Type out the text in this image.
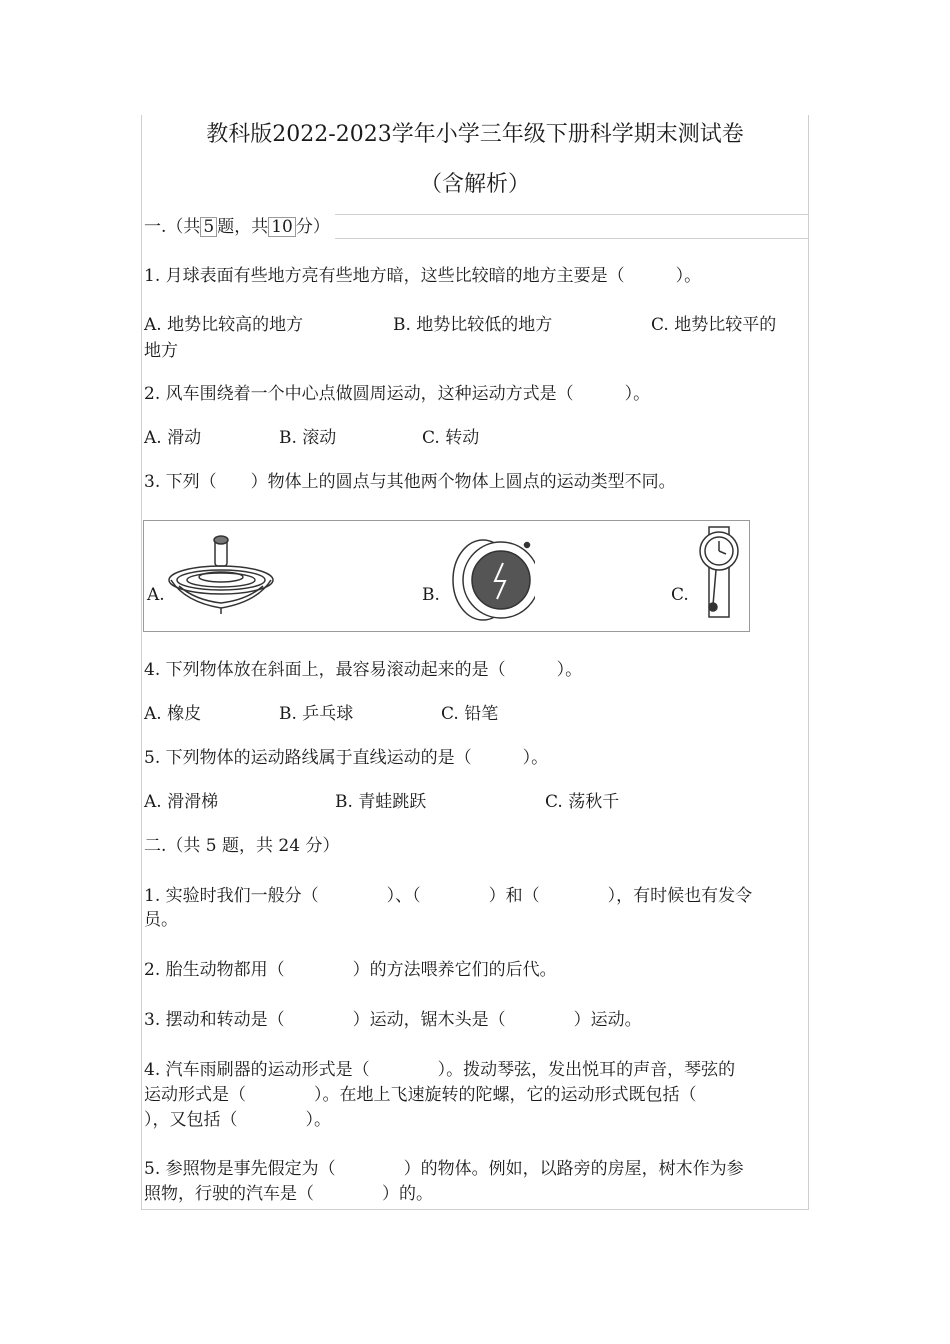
教科版2022-2023学年小学三年级下册科学期末测试卷
（含解析）
一.（共 5 题，共 10 分）
1. 月球表面有些地方亮有些地方暗，这些比较暗的地方主要是（　　　）。
A. 地势比较高的地方	B. 地势比较低的地方	C. 地势比较平的
地方
2. 风车围绕着一个中心点做圆周运动，这种运动方式是（　　　）。
A. 滑动	B. 滚动	C. 转动
3. 下列（　　）物体上的圆点与其他两个物体上圆点的运动类型不同。
A.	B.	C.
4. 下列物体放在斜面上，最容易滚动起来的是（　　　）。
A. 橡皮	B. 乒乓球	C. 铅笔
5. 下列物体的运动路线属于直线运动的是（　　　）。
A. 滑滑梯	B. 青蛙跳跃	C. 荡秋千
二.（共 5 题，共 24 分）
1. 实验时我们一般分（　　　　）、（　　　　）和（　　　　），有时候也有发令
员。
2. 胎生动物都用（　　　　）的方法喂养它们的后代。
3. 摆动和转动是（　　　　）运动，锯木头是（　　　　）运动。
4. 汽车雨刷器的运动形式是（　　　　）。拨动琴弦，发出悦耳的声音，琴弦的
运动形式是（　　　　）。在地上飞速旋转的陀螺，它的运动形式既包括（
），又包括（　　　　）。
5. 参照物是事先假定为（　　　　）的物体。例如，以路旁的房屋，树木作为参
照物，行驶的汽车是（　　　　）的。
